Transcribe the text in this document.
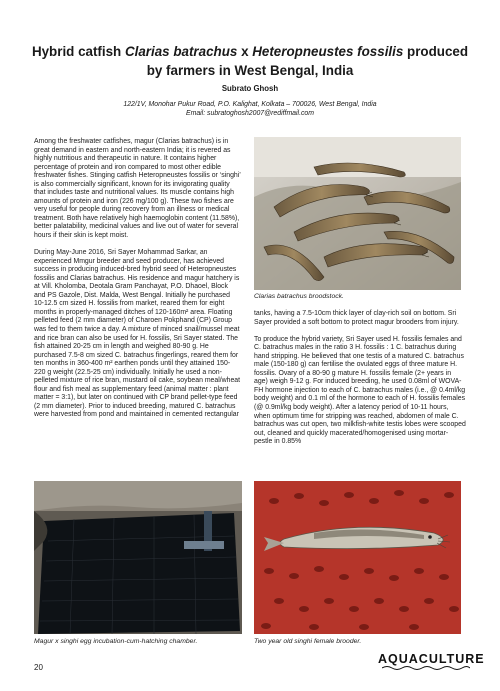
Hybrid catfish Clarias batrachus x Heteropneustes fossilis produced
by farmers in West Bengal, India
Subrato Ghosh
122/1V, Monohar Pukur Road, P.O. Kalighat, Kolkata – 700026, West Bengal, India
Email: subratoghosh2007@rediffmail.com

Among the freshwater catfishes, magur (Clarias batrachus) is in great demand in eastern and north-eastern India; it is revered as highly nutritious and therapeutic in nature. It contains higher percentage of protein and iron compared to most other edible freshwater fishes. Stinging catfish Heteropneustes fossilis or ‘singhi’ is also commercially significant, known for its invigorating quality that includes taste and nutritional values. Its muscle contains high amounts of protein and iron (226 mg/100 g). These two fishes are very useful for people during recovery from an illness or medical treatment. Both have relatively high haemoglobin content (11.58%), better palatability, medicinal values and live out of water for several hours if their skin is kept moist.

During May-June 2016, Sri Sayer Mohammad Sarkar, an experienced Mmgur breeder and seed producer, has achieved success in producing induced-bred hybrid seed of Heteropneustes fossilis and Clarias batrachus. His residence and magur hatchery is at Vill. Kholomba, Deotala Gram Panchayat, P.O. Dhaoel, Block and PS Gazole, Dist. Malda, West Bengal. Initially he purchased 10-12.5 cm sized H. fossilis from market, reared them for eight months in properly-managed ditches of 120-160m² area. Floating pelleted feed (2 mm diameter) of Charoen Pokphand (CP) Group was fed to them twice a day. A mixture of minced snail/mussel meat and rice bran can also be used for H. fossilis, Sri Sayer stated. The fish attained 20-25 cm in length and weighed 80-90 g. He purchased 7.5-8 cm sized C. batrachus fingerlings, reared them for ten months in 360-400 m² earthen ponds until they attained 150-220 g weight (22.5-25 cm) individually. Initially he used a non-pelleted mixture of rice bran, mustard oil cake, soybean meal/wheat flour and fish meal as supplementary feed (animal matter : plant matter = 3:1), but later on continued with CP brand pellet-type feed (2 mm diameter). Prior to induced breeding, matured C. batrachus were harvested from pond and maintained in cemented rectangular

Clarias batrachus broodstock.

tanks, having a 7.5-10cm thick layer of clay-rich soil on bottom. Sri Sayer provided a soft bottom to protect magur brooders from injury.

To produce the hybrid variety, Sri Sayer used H. fossilis females and C. batrachus males in the ratio 3 H. fossilis : 1 C. batrachus during hand stripping. He believed that one testis of a matured C. batrachus male (150-180 g) can fertilise the ovulated eggs of three mature H. fossilis. Ovary of a 80-90 g mature H. fossilis female (2+ years in age) weigh 9-12 g. For induced breeding, he used 0.08ml of WOVA-FH hormone injection to each of C. batrachus males (i.e., @ 0.4ml/kg body weight) and 0.1 ml of the hormone to each of H. fossilis females (@ 0.9ml/kg body weight). After a latency period of 10-11 hours, when optimum time for stripping was reached, abdomen of male C. batrachus was cut open, two milkfish-white testis lobes were scooped out, cleaned and quickly macerated/homogenised using mortar-pestle in 0.85%

Magur x singhi egg incubation-cum-hatching chamber.	Two year old singhi female brooder.
20
AQUACULTURE
